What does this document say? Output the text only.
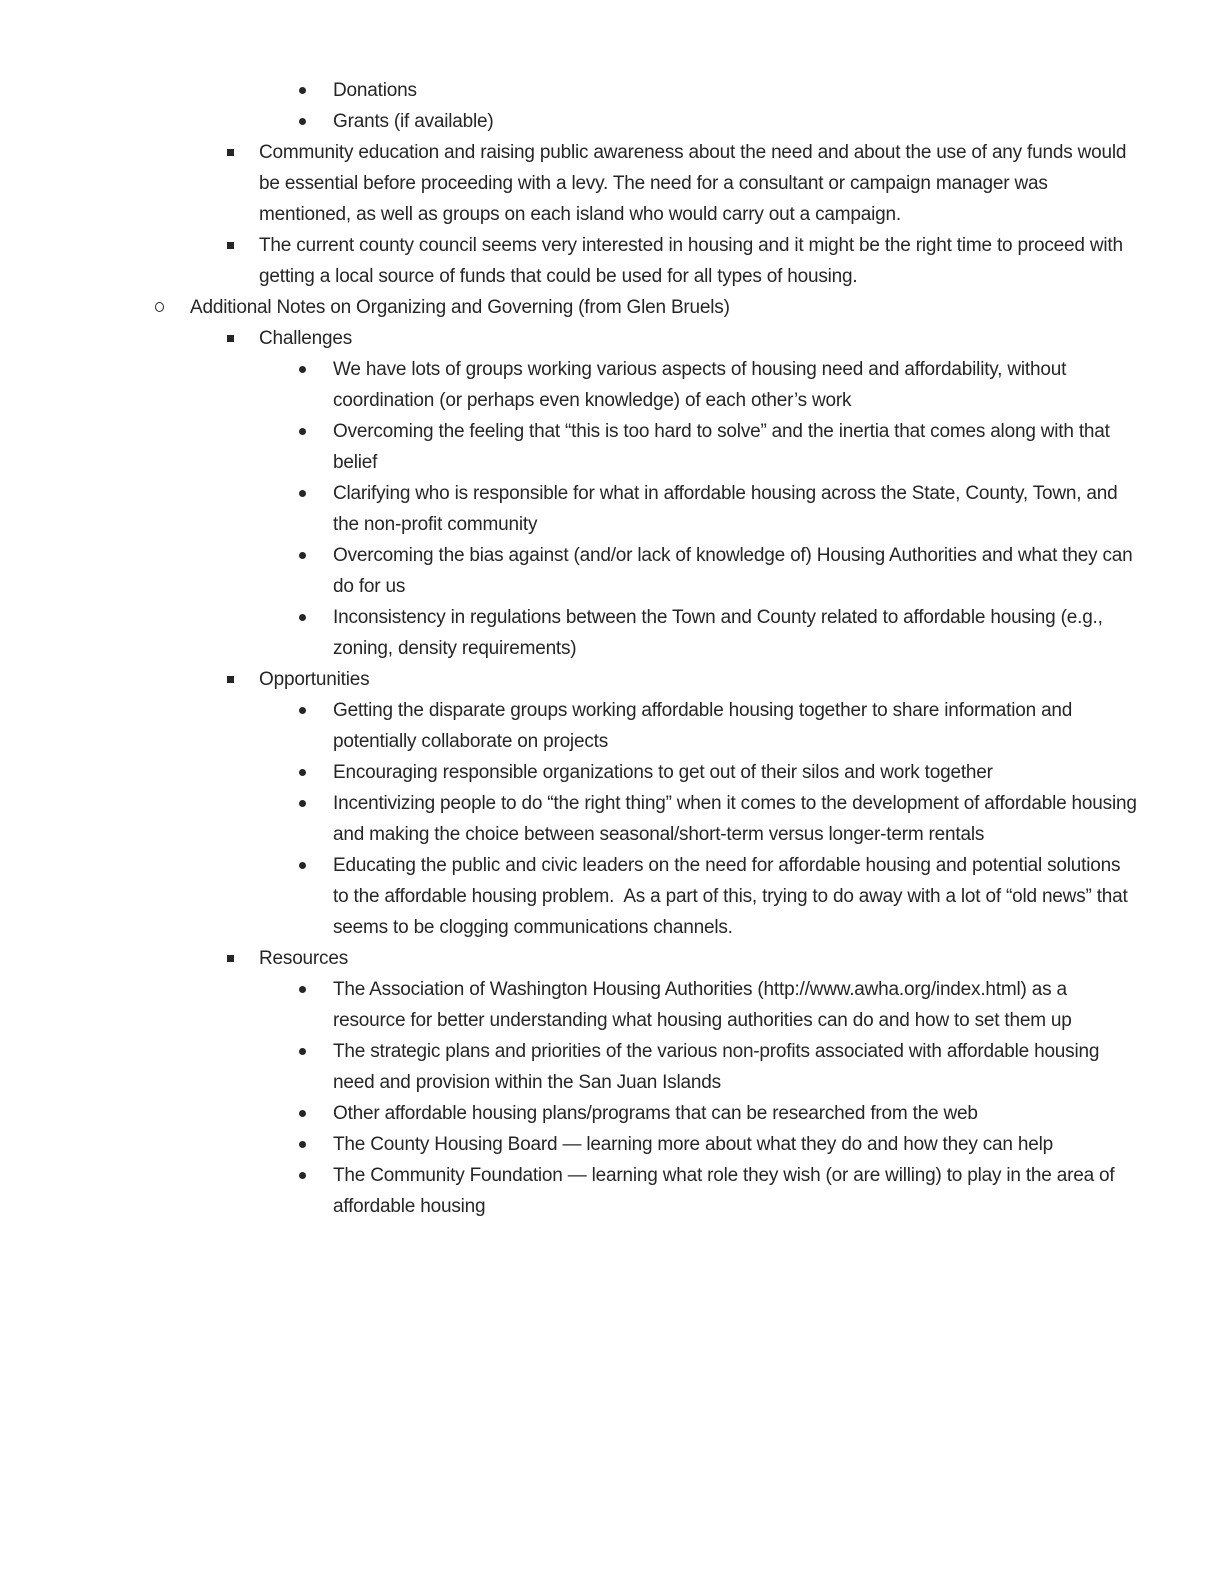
Donations
Grants (if available)
Community education and raising public awareness about the need and about the use of any funds would be essential before proceeding with a levy. The need for a consultant or campaign manager was mentioned, as well as groups on each island who would carry out a campaign.
The current county council seems very interested in housing and it might be the right time to proceed with getting a local source of funds that could be used for all types of housing.
Additional Notes on Organizing and Governing (from Glen Bruels)
Challenges
We have lots of groups working various aspects of housing need and affordability, without coordination (or perhaps even knowledge) of each other’s work
Overcoming the feeling that “this is too hard to solve” and the inertia that comes along with that belief
Clarifying who is responsible for what in affordable housing across the State, County, Town, and the non-profit community
Overcoming the bias against (and/or lack of knowledge of) Housing Authorities and what they can do for us
Inconsistency in regulations between the Town and County related to affordable housing (e.g., zoning, density requirements)
Opportunities
Getting the disparate groups working affordable housing together to share information and potentially collaborate on projects
Encouraging responsible organizations to get out of their silos and work together
Incentivizing people to do “the right thing” when it comes to the development of affordable housing and making the choice between seasonal/short-term versus longer-term rentals
Educating the public and civic leaders on the need for affordable housing and potential solutions to the affordable housing problem.  As a part of this, trying to do away with a lot of “old news” that seems to be clogging communications channels.
Resources
The Association of Washington Housing Authorities (http://www.awha.org/index.html) as a resource for better understanding what housing authorities can do and how to set them up
The strategic plans and priorities of the various non-profits associated with affordable housing need and provision within the San Juan Islands
Other affordable housing plans/programs that can be researched from the web
The County Housing Board — learning more about what they do and how they can help
The Community Foundation — learning what role they wish (or are willing) to play in the area of affordable housing
